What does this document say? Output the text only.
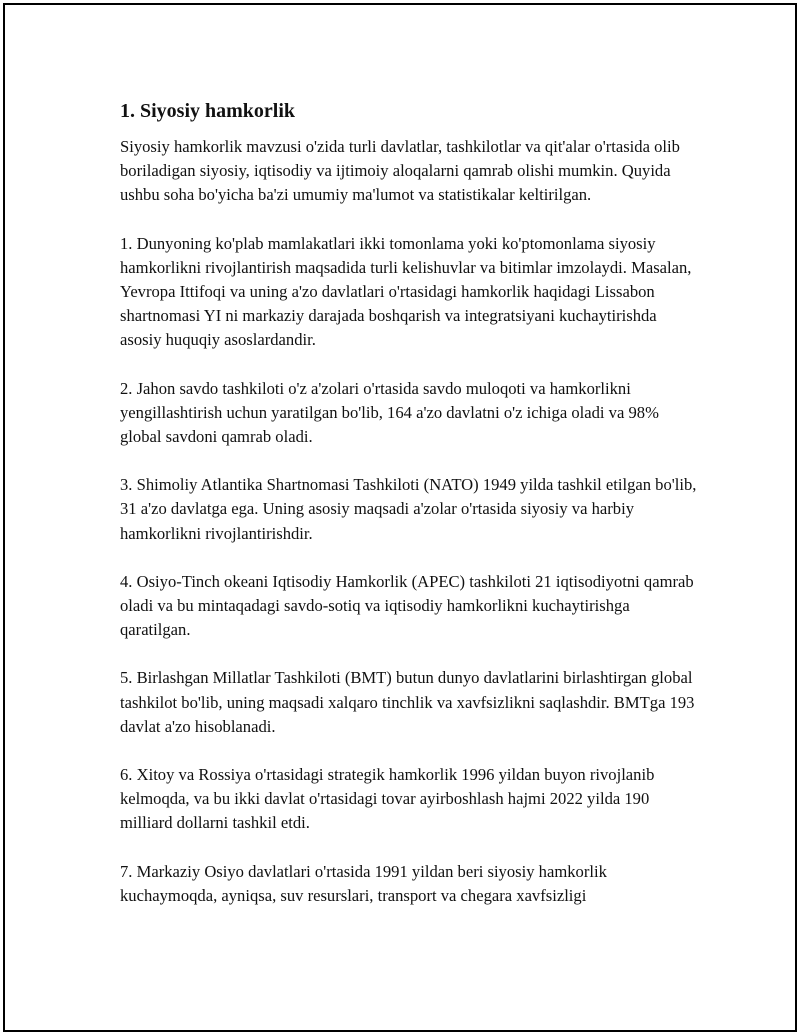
1. Siyosiy hamkorlik

Siyosiy hamkorlik mavzusi o'zida turli davlatlar, tashkilotlar va qit'alar o'rtasida olib boriladigan siyosiy, iqtisodiy va ijtimoiy aloqalarni qamrab olishi mumkin. Quyida ushbu soha bo'yicha ba'zi umumiy ma'lumot va statistikalar keltirilgan.

1. Dunyoning ko'plab mamlakatlari ikki tomonlama yoki ko'ptomonlama siyosiy hamkorlikni rivojlantirish maqsadida turli kelishuvlar va bitimlar imzolaydi. Masalan, Yevropa Ittifoqi va uning a'zo davlatlari o'rtasidagi hamkorlik haqidagi Lissabon shartnomasi YI ni markaziy darajada boshqarish va integratsiyani kuchaytirishda asosiy huquqiy asoslardandir.

2. Jahon savdo tashkiloti o'z a'zolari o'rtasida savdo muloqoti va hamkorlikni yengillashtirish uchun yaratilgan bo'lib, 164 a'zo davlatni o'z ichiga oladi va 98% global savdoni qamrab oladi.

3. Shimoliy Atlantika Shartnomasi Tashkiloti (NATO) 1949 yilda tashkil etilgan bo'lib, 31 a'zo davlatga ega. Uning asosiy maqsadi a'zolar o'rtasida siyosiy va harbiy hamkorlikni rivojlantirishdir.

4. Osiyo-Tinch okeani Iqtisodiy Hamkorlik (APEC) tashkiloti 21 iqtisodiyotni qamrab oladi va bu mintaqadagi savdo-sotiq va iqtisodiy hamkorlikni kuchaytirishga qaratilgan.

5. Birlashgan Millatlar Tashkiloti (BMT) butun dunyo davlatlarini birlashtirgan global tashkilot bo'lib, uning maqsadi xalqaro tinchlik va xavfsizlikni saqlashdir. BMTga 193 davlat a'zo hisoblanadi.

6. Xitoy va Rossiya o'rtasidagi strategik hamkorlik 1996 yildan buyon rivojlanib kelmoqda, va bu ikki davlat o'rtasidagi tovar ayirboshlash hajmi 2022 yilda 190 milliard dollarni tashkil etdi.

7. Markaziy Osiyo davlatlari o'rtasida 1991 yildan beri siyosiy hamkorlik kuchaymoqda, ayniqsa, suv resurslari, transport va chegara xavfsizligi
